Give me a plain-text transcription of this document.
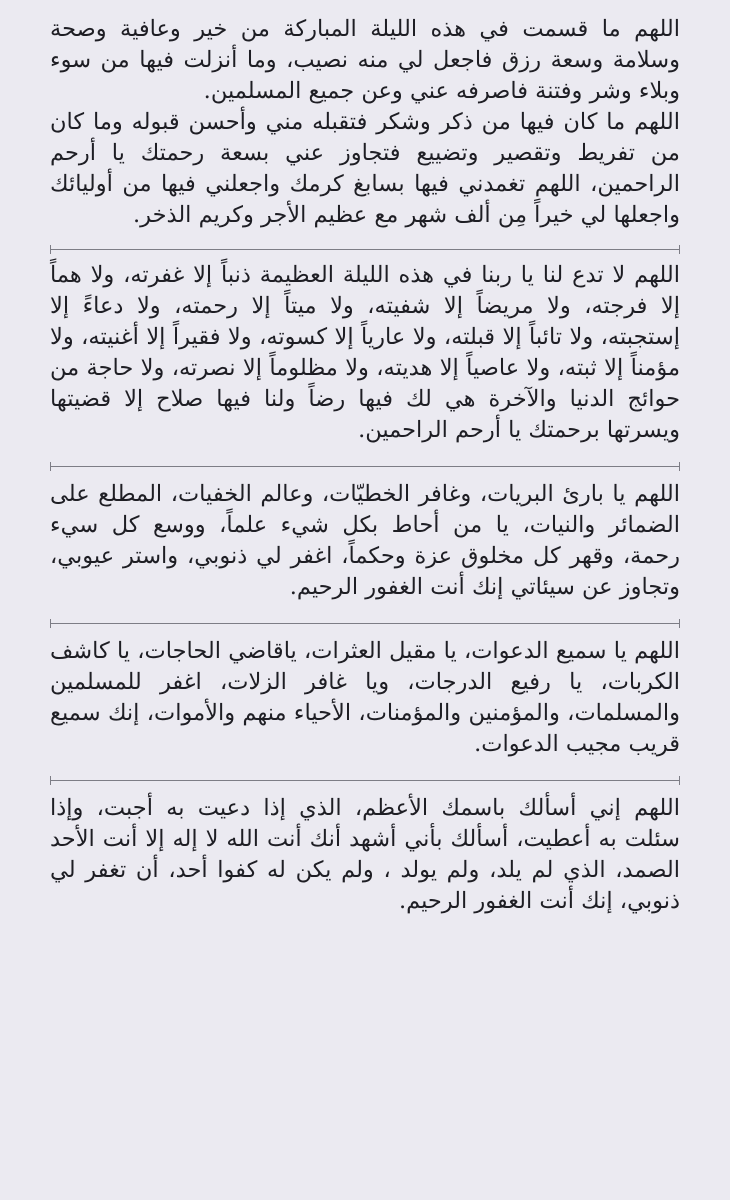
اللهم ما قسمت في هذه الليلة المباركة من خير وعافية وصحة وسلامة وسعة رزق فاجعل لي منه نصيب، وما أنزلت فيها من سوء وبلاء وشر وفتنة فاصرفه عني وعن جميع المسلمين.

اللهم ما كان فيها من ذكر وشكر فتقبله مني وأحسن قبوله وما كان من تفريط وتقصير وتضييع فتجاوز عني بسعة رحمتك يا أرحم الراحمين، اللهم تغمدني فيها بسابغ كرمك واجعلني فيها من أوليائك واجعلها لي خيراً مِن ألف شهر مع عظيم الأجر وكريم الذخر.

اللهم لا تدع لنا يا ربنا في هذه الليلة العظيمة ذنباً إلا غفرته، ولا هماً إلا فرجته، ولا مريضاً إلا شفيته، ولا ميتاً إلا رحمته، ولا دعاءً إلا إستجبته، ولا تائباً إلا قبلته، ولا عارياً إلا كسوته، ولا فقيراً إلا أغنيته، ولا مؤمناً إلا ثبته، ولا عاصياً إلا هديته، ولا مظلوماً إلا نصرته، ولا حاجة من حوائج الدنيا والآخرة هي لك فيها رضاً ولنا فيها صلاح إلا قضيتها ويسرتها برحمتك يا أرحم الراحمين.

اللهم يا بارئ البريات، وغافر الخطيّات، وعالم الخفيات، المطلع على الضمائر والنيات، يا من أحاط بكل شيء علماً، ووسع كل سيء رحمة، وقهر كل مخلوق عزة وحكماً، اغفر لي ذنوبي، واستر عيوبي، وتجاوز عن سيئاتي إنك أنت الغفور الرحيم.

اللهم يا سميع الدعوات، يا مقيل العثرات، ياقاضي الحاجات، يا كاشف الكربات، يا رفيع الدرجات، ويا غافر الزلات، اغفر للمسلمين والمسلمات، والمؤمنين والمؤمنات، الأحياء منهم والأموات، إنك سميع قريب مجيب الدعوات.

اللهم إني أسألك باسمك الأعظم، الذي إذا دعيت به أجبت، وإذا سئلت به أعطيت، أسألك بأني أشهد أنك أنت الله لا إله إلا أنت الأحد الصمد، الذي لم يلد، ولم يولد ، ولم يكن له كفوا أحد، أن تغفر لي ذنوبي، إنك أنت الغفور الرحيم.
